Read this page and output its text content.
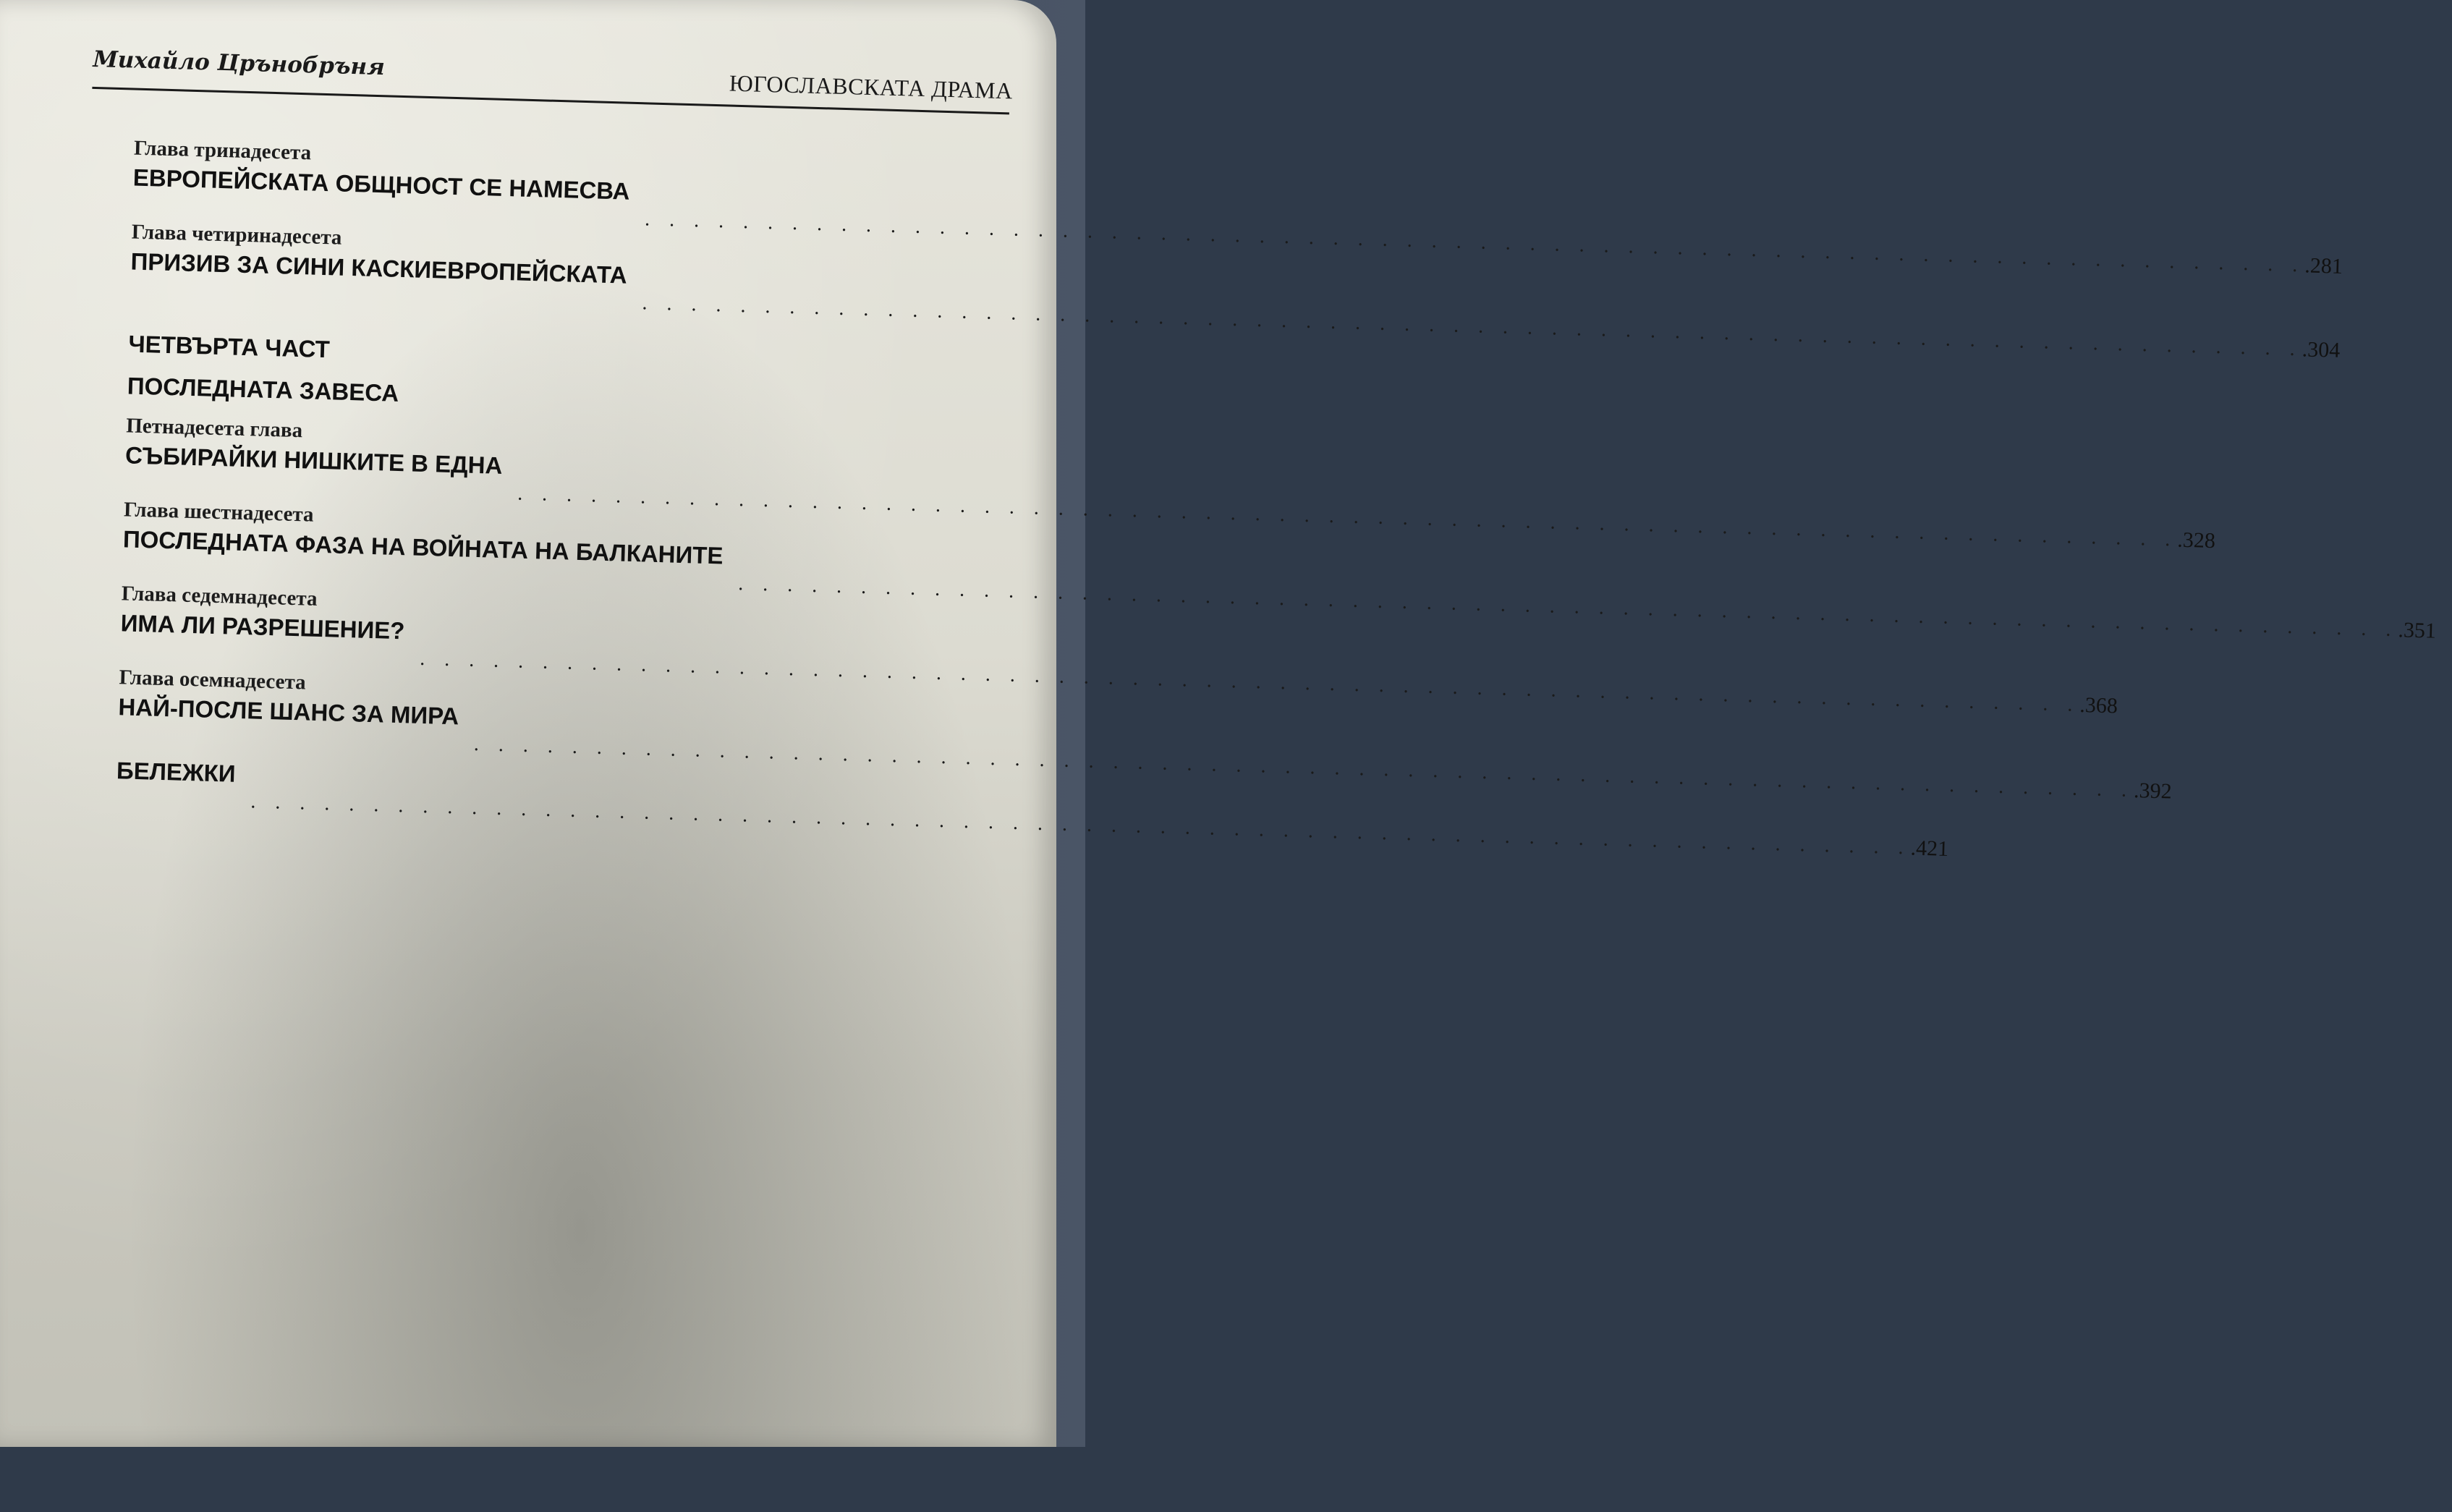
Михайло Црънобръня
ЮГОСЛАВСКАТА ДРАМА
Глава тринадесета
ЕВРОПЕЙСКАТА ОБЩНОСТ СЕ НАМЕСВА
. . . . . . . . . . . . . . . . . . . . . . . . . . . . . . . . . . . . . . . . . . . . . . . . . . . . . . . . . . . . . . . . . . . . .281
Глава четиринадесета
ПРИЗИВ ЗА СИНИ КАСКИЕВРОПЕЙСКАТА
. . . . . . . . . . . . . . . . . . . . . . . . . . . . . . . . . . . . . . . . . . . . . . . . . . . . . . . . . . . . . . . . . . . . .304
ЧЕТВЪРТА ЧАСТ
ПОСЛЕДНАТА ЗАВЕСА
Петнадесета глава
СЪБИРАЙКИ НИШКИТЕ В ЕДНА
. . . . . . . . . . . . . . . . . . . . . . . . . . . . . . . . . . . . . . . . . . . . . . . . . . . . . . . . . . . . . . . . . . . . .328
Глава шестнадесета
ПОСЛЕДНАТА ФАЗА НА ВОЙНАТА НА БАЛКАНИТЕ
. . . . . . . . . . . . . . . . . . . . . . . . . . . . . . . . . . . . . . . . . . . . . . . . . . . . . . . . . . . . . . . . . . . . .351
Глава седемнадесета
ИМА ЛИ РАЗРЕШЕНИЕ?
. . . . . . . . . . . . . . . . . . . . . . . . . . . . . . . . . . . . . . . . . . . . . . . . . . . . . . . . . . . . . . . . . . . . .368
Глава осемнадесета
НАЙ-ПОСЛЕ ШАНС ЗА МИРА
. . . . . . . . . . . . . . . . . . . . . . . . . . . . . . . . . . . . . . . . . . . . . . . . . . . . . . . . . . . . . . . . . . . . .392
БЕЛЕЖКИ
. . . . . . . . . . . . . . . . . . . . . . . . . . . . . . . . . . . . . . . . . . . . . . . . . . . . . . . . . . . . . . . . . . . . .421
